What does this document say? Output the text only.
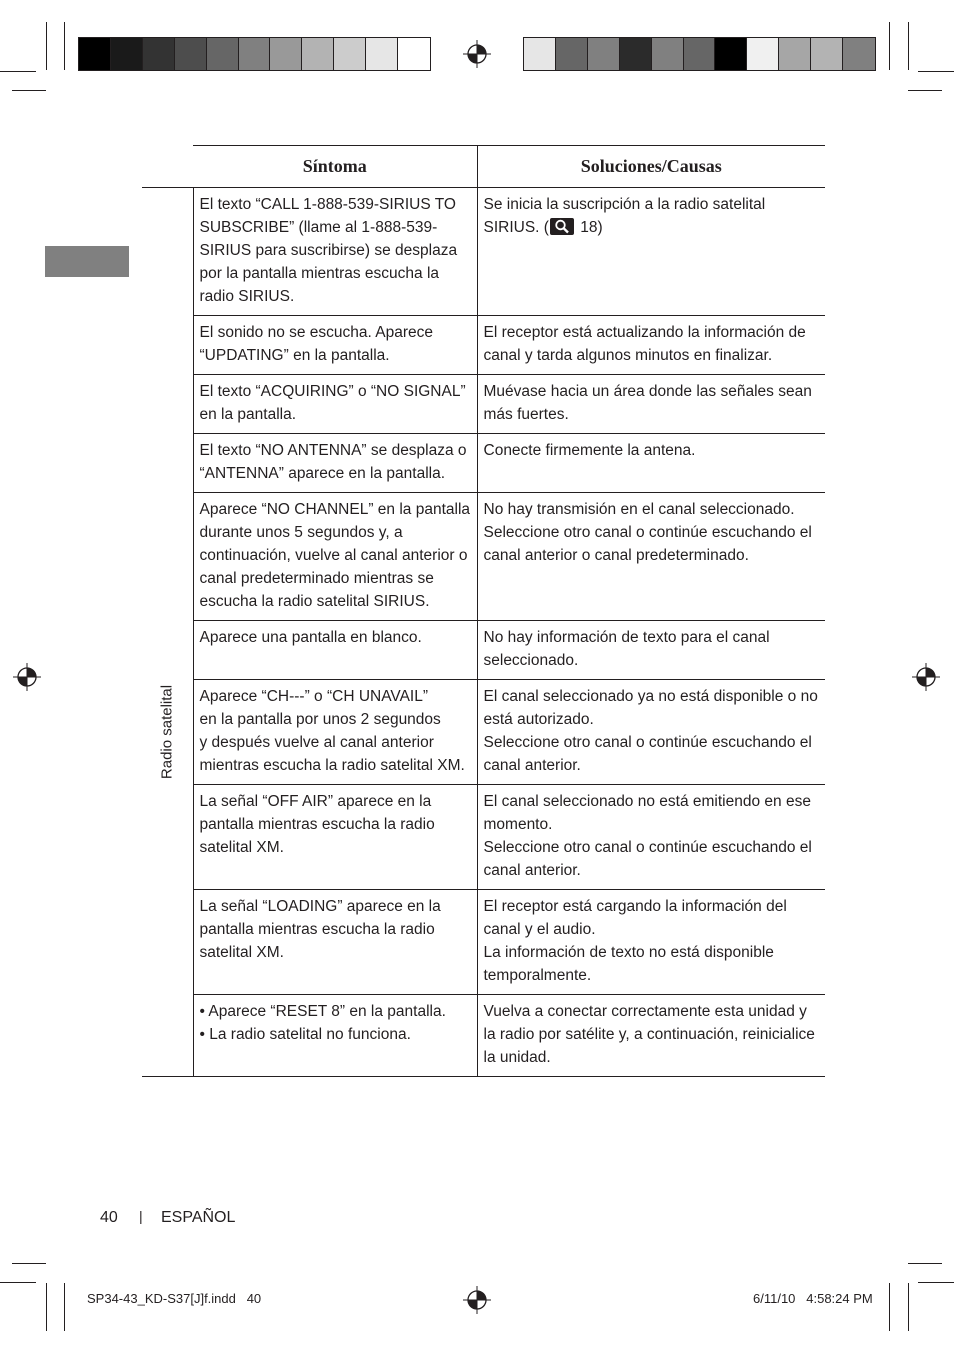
	Síntoma	Soluciones/Causas

Radio satelital	El texto “CALL 1-888-539-SIRIUS TO SUBSCRIBE” (llame al 1-888-539-SIRIUS para suscribirse) se desplaza por la pantalla mientras escucha la radio SIRIUS.	Se inicia la suscripción a la radio satelital SIRIUS. (
18)
	El sonido no se escucha. Aparece “UPDATING” en la pantalla.	El receptor está actualizando la información de canal y tarda algunos minutos en finalizar.
	El texto “ACQUIRING” o “NO SIGNAL” en la pantalla.	Muévase hacia un área donde las señales sean más fuertes.
	El texto “NO ANTENNA” se desplaza o “ANTENNA” aparece en la pantalla.	Conecte firmemente la antena.
	Aparece “NO CHANNEL” en la pantalla durante unos 5 segundos y, a continuación, vuelve al canal anterior o canal predeterminado mientras se escucha la radio satelital SIRIUS.	No hay transmisión en el canal seleccionado. Seleccione otro canal o continúe escuchando el canal anterior o canal predeterminado.
	Aparece una pantalla en blanco.	No hay información de texto para el canal seleccionado.

	Aparece “CH---” o “CH UNAVAIL”
en la pantalla por unos 2 segundos
y después vuelve al canal anterior
mientras escucha la radio satelital XM.	El canal seleccionado ya no está disponible o no está autorizado.
Seleccione otro canal o continúe escuchando el canal anterior.

	La señal “OFF AIR” aparece en la pantalla mientras escucha la radio satelital XM.	El canal seleccionado no está emitiendo en ese momento.
Seleccione otro canal o continúe escuchando el canal anterior.

	La señal “LOADING” aparece en la pantalla mientras escucha la radio satelital XM.	El receptor está cargando la información del canal y el audio.
La información de texto no está disponible temporalmente.

	• Aparece “RESET 8” en la pantalla.
• La radio satelital no funciona.	Vuelva a conectar correctamente esta unidad y la radio por satélite y, a continuación, reinicialice la unidad.
40 | ESPAÑOL
SP34-43_KD-S37[J]f.indd   40	6/11/10   4:58:24 PM
